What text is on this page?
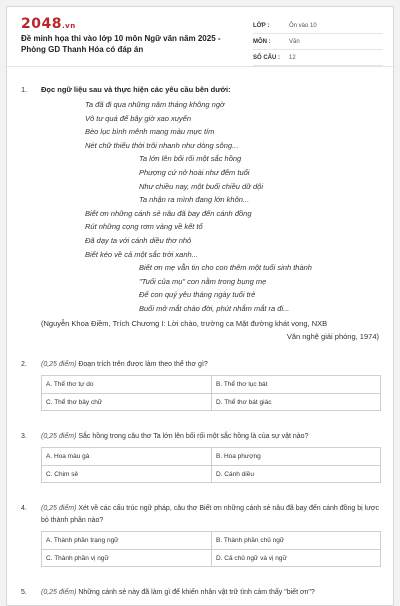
2048.vn
Đề minh họa thi vào lớp 10 môn Ngữ văn năm 2025 - Phòng GD Thanh Hóa có đáp án
LỚP :	Ôn vào 10
MÔN :	Văn
SỐ CÂU :	12
1. Đọc ngữ liệu sau và thực hiện các yêu cầu bên dưới:
Ta đã đi qua những năm tháng không ngờ
Vô tư quá để bây giờ xao xuyến
Bèo lục bình mênh mang màu mực tím
Nét chữ thiếu thời trôi nhanh như dòng sông...
Ta lớn lên bối rối một sắc hồng
Phượng cứ nở hoài như đếm tuổi
Như chiều nay, một buổi chiều dữ dội
Ta nhận ra mình đang lớn khôn...
Biết ơn những cánh sẻ nâu đã bay đến cánh đồng
Rút những cọng rơm vàng về kết tổ
Đã dạy ta với cánh diều thơ nhỏ
Biết kéo về cả một sắc trời xanh...
Biết ơn mẹ vẫn tin cho con thêm một tuổi sinh thành
"Tuổi của mụ" con nằm trong bụng mẹ
Để con quý yêu tháng ngày tuổi trẻ
Buổi mở mắt chào đời, phút nhắm mắt ra đi...
(Nguyễn Khoa Điềm, Trích Chương I: Lời chào, trường ca Mặt đường khát vọng, NXB
Văn nghệ giải phóng, 1974)
2.	(0,25 điểm) Đoạn trích trên được làm theo thể thơ gì?
A. Thể thơ tự do	B. Thể thơ lục bát
C. Thể thơ bảy chữ	D. Thể thơ bát giác
3.	(0,25 điểm) Sắc hồng trong câu thơ Ta lớn lên bối rối một sắc hồng là của sự vật nào?
A. Hoa màu gà	B. Hoa phượng
C. Chim sẻ	D. Cánh diều
4.	(0,25 điểm) Xét về các cấu trúc ngữ pháp, câu thơ Biết ơn những cánh sẻ nâu đã bay đến cánh đồng bị lược bỏ thành phần nào?
A. Thành phần trạng ngữ	B. Thành phần chủ ngữ
C. Thành phần vị ngữ	D. Cả chủ ngữ và vị ngữ
5.	(0,25 điểm) Những cánh sẻ này đã làm gì để khiến nhân vật trữ tình cảm thấy "biết ơn"?
